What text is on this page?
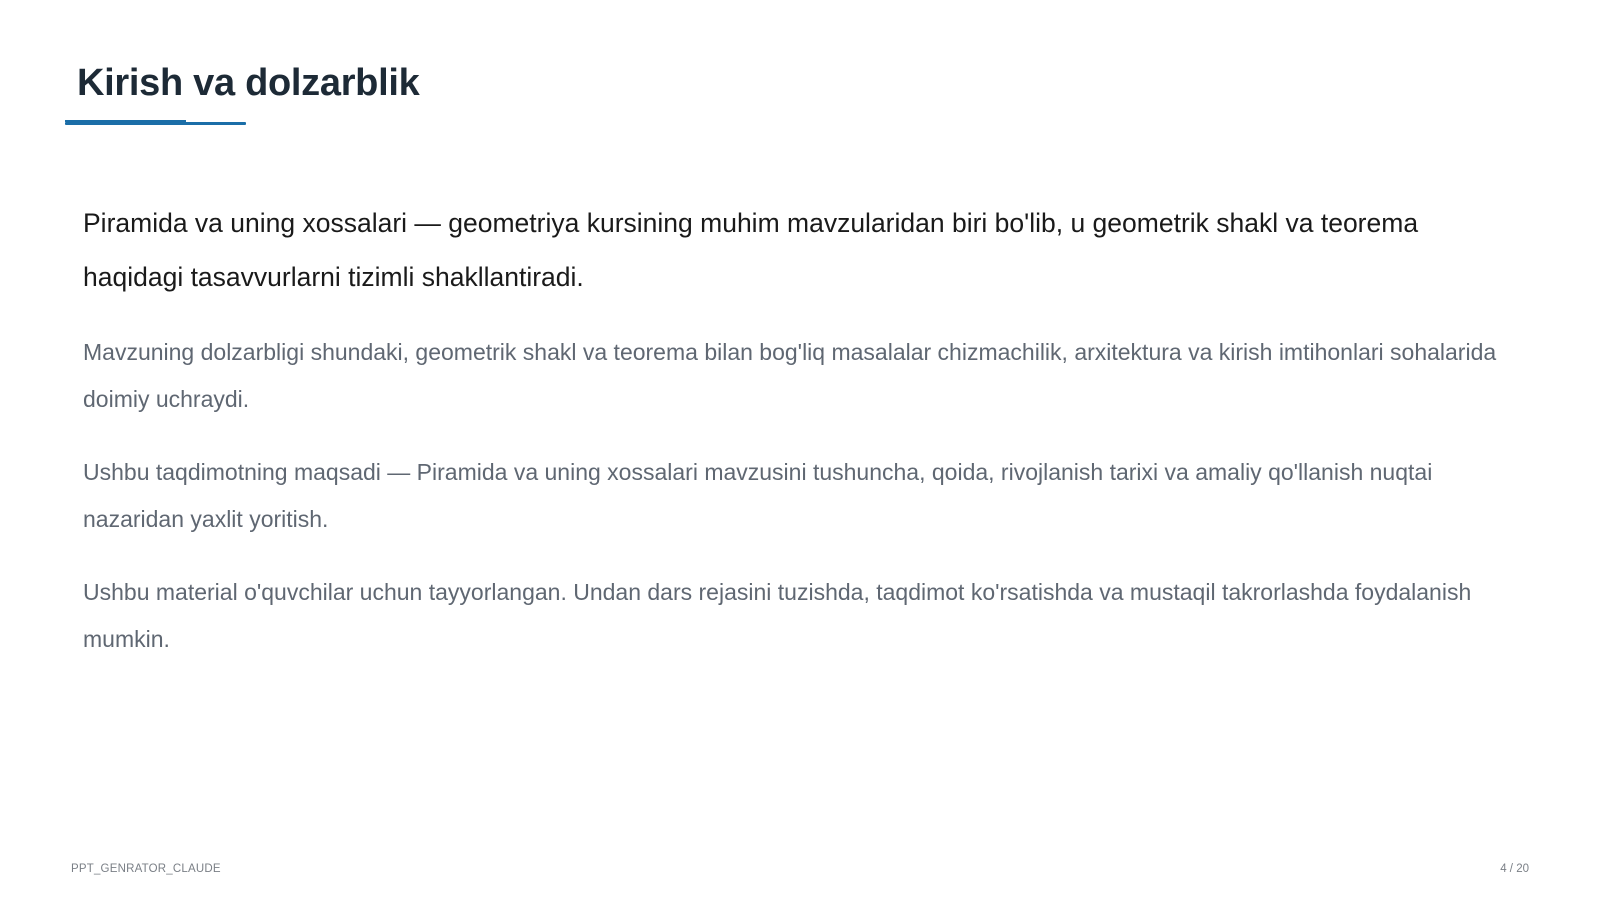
Kirish va dolzarblik

Piramida va uning xossalari — geometriya kursining muhim mavzularidan biri bo'lib, u geometrik shakl va teorema haqidagi tasavvurlarni tizimli shakllantiradi.

Mavzuning dolzarbligi shundaki, geometrik shakl va teorema bilan bog'liq masalalar chizmachilik, arxitektura va kirish imtihonlari sohalarida doimiy uchraydi.

Ushbu taqdimotning maqsadi — Piramida va uning xossalari mavzusini tushuncha, qoida, rivojlanish tarixi va amaliy qo'llanish nuqtai nazaridan yaxlit yoritish.

Ushbu material o'quvchilar uchun tayyorlangan. Undan dars rejasini tuzishda, taqdimot ko'rsatishda va mustaqil takrorlashda foydalanish mumkin.

PPT_GENRATOR_CLAUDE	4 / 20
